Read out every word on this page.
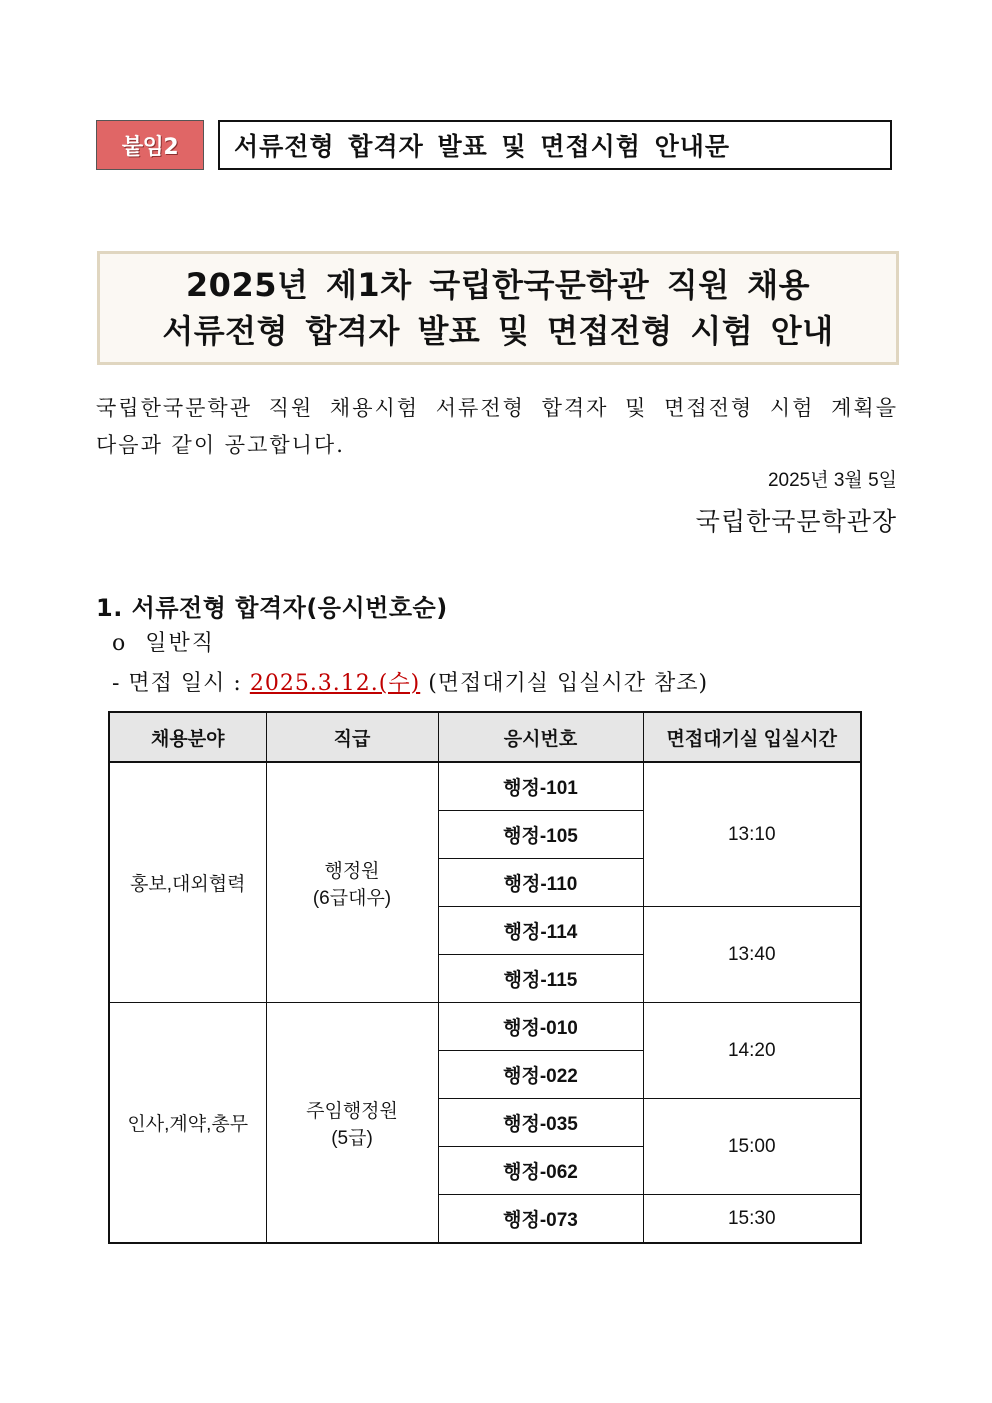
붙임2	서류전형 합격자 발표 및 면접시험 안내문
2025년 제1차 국립한국문학관 직원 채용
서류전형 합격자 발표 및 면접전형 시험 안내
국립한국문학관 직원 채용시험 서류전형 합격자 및 면접전형 시험 계획을
다음과 같이 공고합니다.
2025년 3월 5일
국립한국문학관장
1. 서류전형 합격자(응시번호순)
o  일반직
- 면접 일시 : 2025.3.12.(수) (면접대기실 입실시간 참조)
채용분야	직급	응시번호	면접대기실 입실시간
홍보,대외협력	행정원
(6급대우)	행정-101	13:10
		행정-105	
		행정-110	
		행정-114	13:40
		행정-115	
인사,계약,총무	주임행정원
(5급)	행정-010	14:20
		행정-022	
		행정-035	15:00
		행정-062	
		행정-073	15:30
